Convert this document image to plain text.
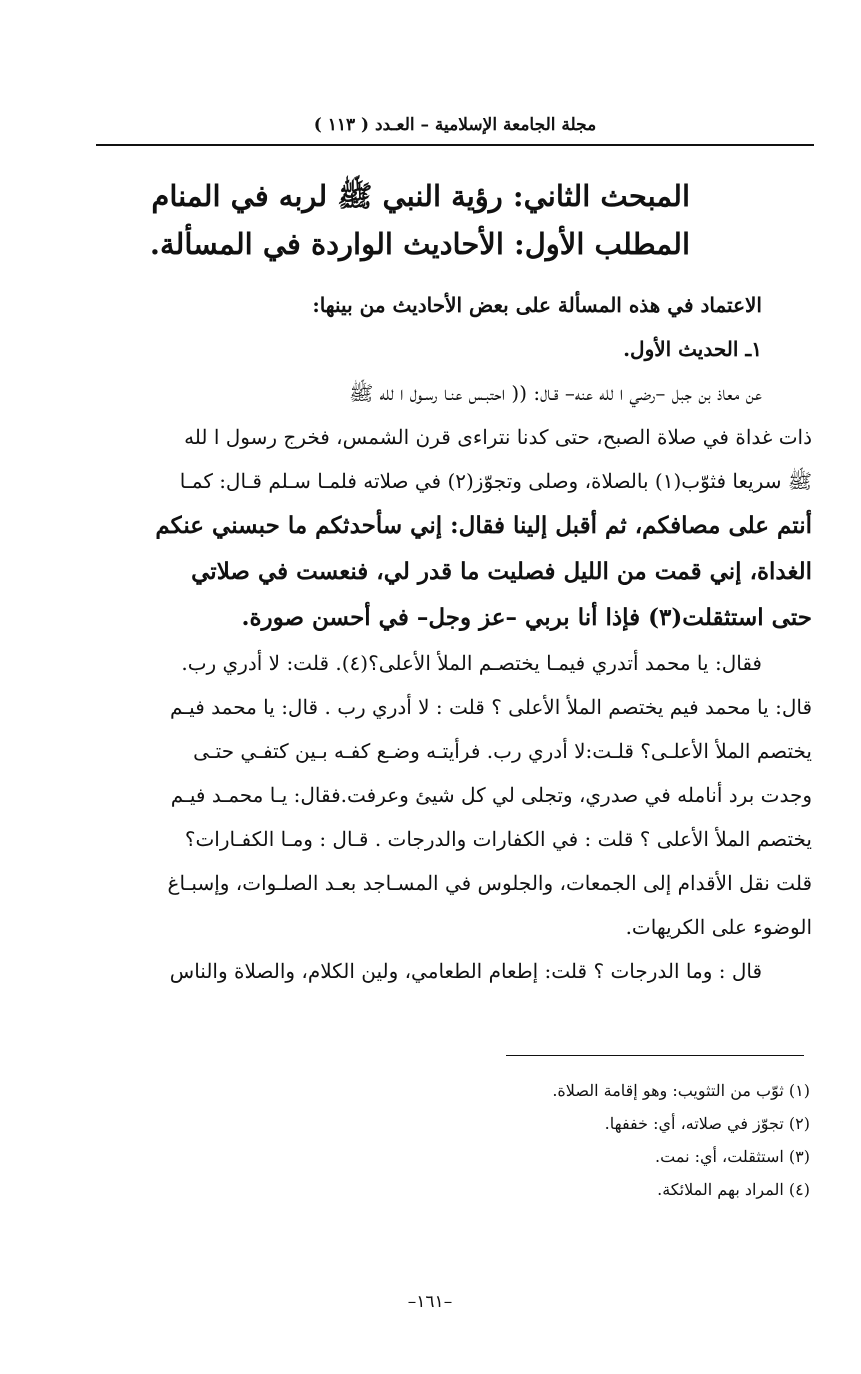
مجلة الجامعة الإسلامية – العـدد ( ١١٣ )
المبحث الثاني: رؤية النبي ﷺ لربه في المنام
المطلب الأول: الأحاديث الواردة في المسألة.
الاعتماد في هذه المسألة على بعض الأحاديث من بينها:
١ـ الحديث الأول.
عن معاذ بن جبل –رضي ا لله عنه– قـال: (( احتبـس عنـا رسـول ا لله ﷺ
ذات غداة في صلاة الصبح، حتى كدنا نتراءى قرن الشمس، فخرج رسول ا لله
ﷺ سريعا فثوّب(١) بالصلاة، وصلى وتجوّز(٢) في صلاته فلمـا سـلم قـال: كمـا
أنتم على مصافكم، ثم أقبل إلينا فقال: إني سأحدثكم ما حبسني عنكم
الغداة، إني قمت من الليل فصليت ما قدر لي، فنعست في صلاتي
حتى استثقلت(٣) فإذا أنا بربي –عز وجل– في أحسن صورة.
فقال: يا محمد أتدري فيمـا يختصـم الملأ الأعلى؟(٤). قلت: لا أدري رب.
قال: يا محمد فيم يختصم الملأ الأعلى ؟ قلت : لا أدري رب . قال: يا محمد فيـم
يختصم الملأ الأعلـى؟ قلـت:لا أدري رب. فرأيتـه وضـع كفـه بـين كتفـي حتـى
وجدت برد أنامله في صدري، وتجلى لي كل شيئ وعرفت.فقال: يـا محمـد فيـم
يختصم الملأ الأعلى ؟ قلت : في الكفارات والدرجات . قـال : ومـا الكفـارات؟
قلت نقل الأقدام إلى الجمعات، والجلوس في المسـاجد بعـد الصلـوات، وإسبـاغ
الوضوء على الكريهات.
قال : وما الدرجات ؟ قلت: إطعام الطعامي، ولين الكلام، والصلاة والناس
(١) ثوّب من التثويب: وهو إقامة الصلاة.
(٢) تجوّز في صلاته، أي: خففها.
(٣) استثقلت، أي: نمت.
(٤) المراد بهم الملائكة.
–١٦١–
